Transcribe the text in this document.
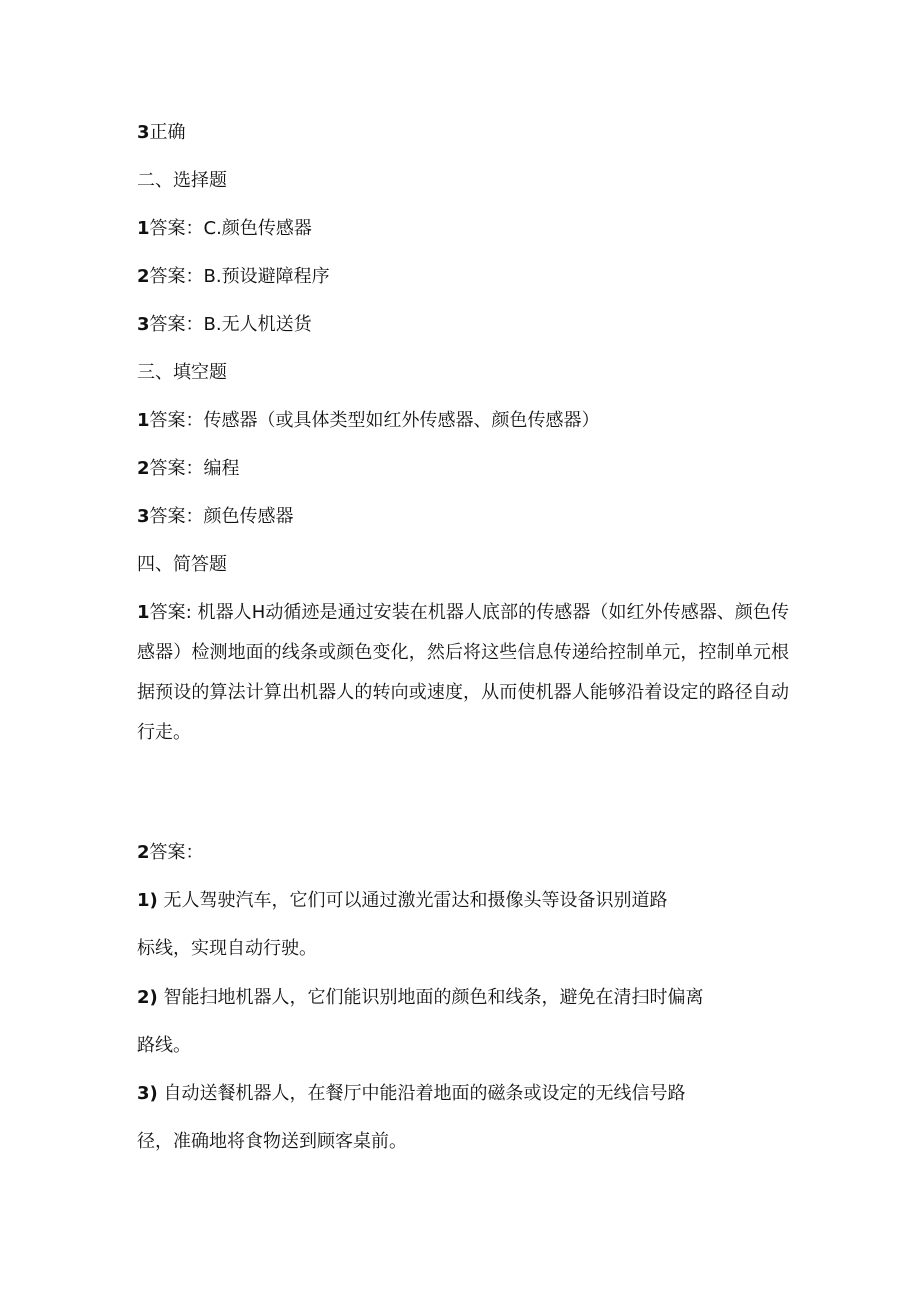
3正确
二、选择题
1答案：C.颜色传感器
2答案：B.预设避障程序
3答案：B.无人机送货
三、填空题
1答案：传感器（或具体类型如红外传感器、颜色传感器）
2答案：编程
3答案：颜色传感器
四、简答题
1答案: 机器人H动循迹是通过安装在机器人底部的传感器（如红外传感器、颜色传感器）检测地面的线条或颜色变化，然后将这些信息传递给控制单元，控制单元根据预设的算法计算出机器人的转向或速度，从而使机器人能够沿着设定的路径自动行走。
2答案：
1) 无人驾驶汽车，它们可以通过激光雷达和摄像头等设备识别道路
标线，实现自动行驶。
2) 智能扫地机器人，它们能识别地面的颜色和线条，避免在清扫时偏离
路线。
3) 自动送餐机器人，在餐厅中能沿着地面的磁条或设定的无线信号路
径，准确地将食物送到顾客桌前。
